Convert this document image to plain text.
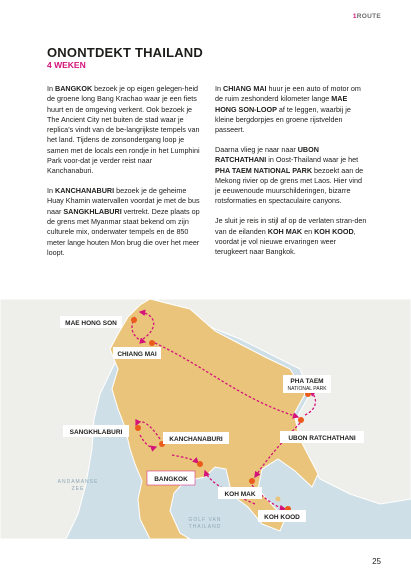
1ROUTE
ONONTDEKT THAILAND
4 WEKEN

In BANGKOK bezoek je op eigen gelegen-heid de groene long Bang Krachao waar je een fiets huurt en de omgeving verkent. Ook bezoek je The Ancient City net buiten de stad waar je replica’s vindt van de be-langrijkste tempels van het land. Tijdens de zonsondergang loop je samen met de locals een rondje in het Lumphini Park voor-dat je verder reist naar Kanchanaburi.

In KANCHANABURI bezoek je de geheime Huay Khamin watervallen voordat je met de bus naar SANGKHLABURI vertrekt. Deze plaats op de grens met Myanmar staat bekend om zijn culturele mix, onderwater tempels en de 850 meter lange houten Mon brug die over het meer loopt.

In CHIANG MAI huur je een auto of motor om de ruim zeshonderd kilometer lange MAE HONG SON-LOOP af te leggen, waarbij je kleine bergdorpjes en groene rijstvelden passeert.

Daarna vlieg je naar naar UBON RATCHATHANI in Oost-Thailand waar je het PHA TAEM NATIONAL PARK bezoekt aan de Mekong rivier op de grens met Laos. Hier vind je eeuwenoude muurschilderingen, bizarre rotsformaties en spectaculaire canyons.

Je sluit je reis in stijl af op de verlaten stran-den van de eilanden KOH MAK en KOH KOOD, voordat je vol nieuwe ervaringen weer terugkeert naar Bangkok.

ANDAMANSE
ZEE
GOLF VAN
THAILAND
MAE HONG SON
CHIANG MAI
PHA TAEM
NATIONAL PARK
SANGKHLABURI
KANCHANABURI	UBON RATCHATHANI
BANGKOK
KOH MAK
KOH KOOD
25
